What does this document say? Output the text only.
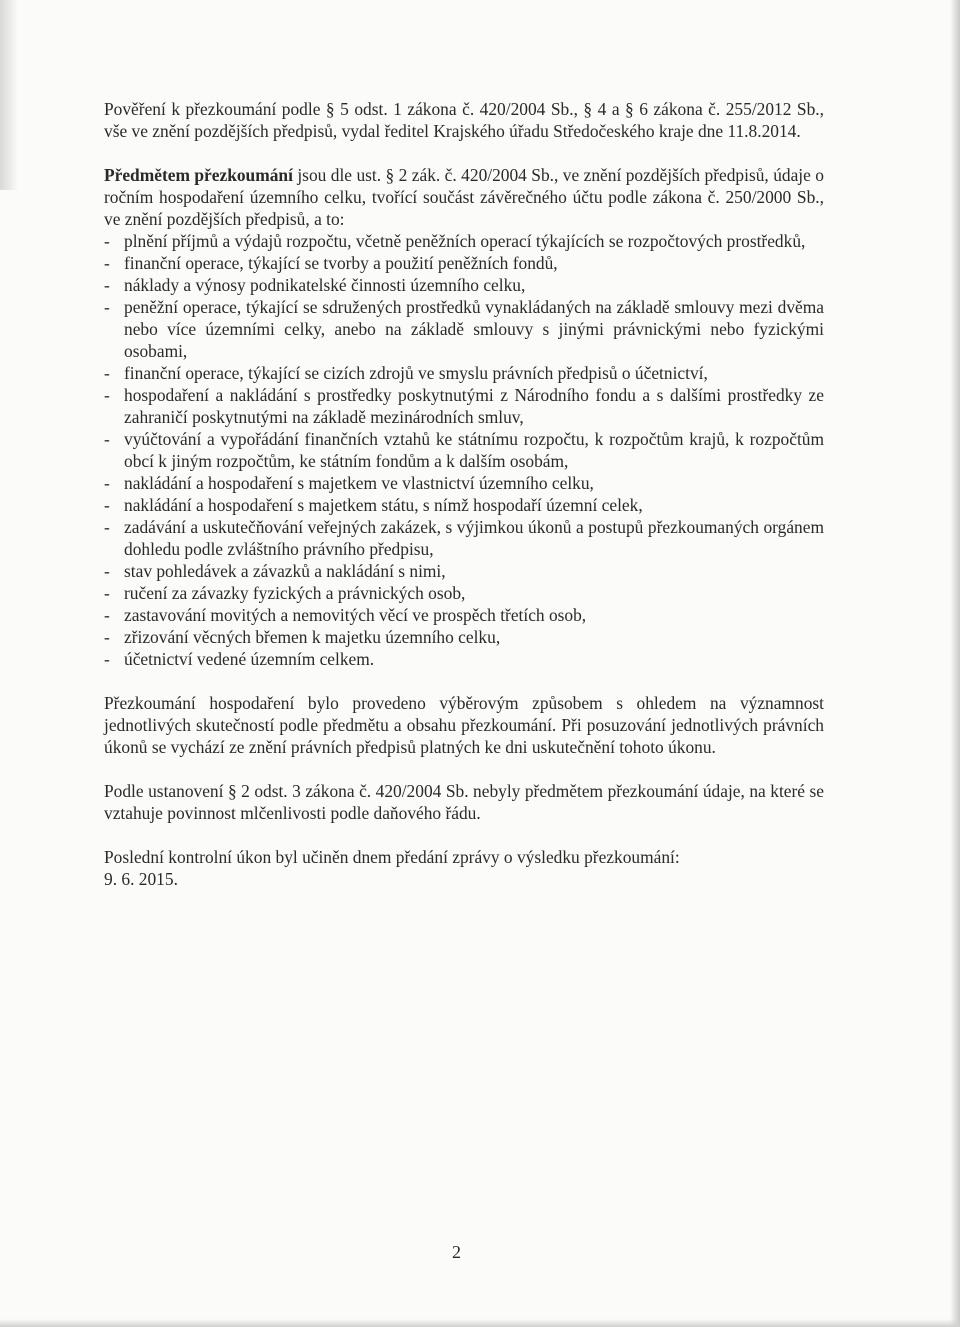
Pověření k přezkoumání podle § 5 odst. 1 zákona č. 420/2004 Sb., § 4 a § 6 zákona č. 255/2012 Sb., vše ve znění pozdějších předpisů, vydal ředitel Krajského úřadu Středočeského kraje dne 11.8.2014.

Předmětem přezkoumání jsou dle ust. § 2 zák. č. 420/2004 Sb., ve znění pozdějších předpisů, údaje o ročním hospodaření územního celku, tvořící součást závěrečného účtu podle zákona č. 250/2000 Sb., ve znění pozdějších předpisů, a to:

- plnění příjmů a výdajů rozpočtu, včetně peněžních operací týkajících se rozpočtových prostředků,
- finanční operace, týkající se tvorby a použití peněžních fondů,
- náklady a výnosy podnikatelské činnosti územního celku,
- peněžní operace, týkající se sdružených prostředků vynakládaných na základě smlouvy mezi dvěma nebo více územními celky, anebo na základě smlouvy s jinými právnickými nebo fyzickými osobami,
- finanční operace, týkající se cizích zdrojů ve smyslu právních předpisů o účetnictví,
- hospodaření a nakládání s prostředky poskytnutými z Národního fondu a s dalšími prostředky ze zahraničí poskytnutými na základě mezinárodních smluv,
- vyúčtování a vypořádání finančních vztahů ke státnímu rozpočtu, k rozpočtům krajů, k rozpočtům obcí k jiným rozpočtům, ke státním fondům a k dalším osobám,
- nakládání a hospodaření s majetkem ve vlastnictví územního celku,
- nakládání a hospodaření s majetkem státu, s nímž hospodaří územní celek,
- zadávání a uskutečňování veřejných zakázek, s výjimkou úkonů a postupů přezkoumaných orgánem dohledu podle zvláštního právního předpisu,
- stav pohledávek a závazků a nakládání s nimi,
- ručení za závazky fyzických a právnických osob,
- zastavování movitých a nemovitých věcí ve prospěch třetích osob,
- zřizování věcných břemen k majetku územního celku,
- účetnictví vedené územním celkem.

Přezkoumání hospodaření bylo provedeno výběrovým způsobem s ohledem na významnost jednotlivých skutečností podle předmětu a obsahu přezkoumání. Při posuzování jednotlivých právních úkonů se vychází ze znění právních předpisů platných ke dni uskutečnění tohoto úkonu.

Podle ustanovení § 2 odst. 3 zákona č. 420/2004 Sb. nebyly předmětem přezkoumání údaje, na které se vztahuje povinnost mlčenlivosti podle daňového řádu.

Poslední kontrolní úkon byl učiněn dnem předání zprávy o výsledku přezkoumání:
9. 6. 2015.

2
